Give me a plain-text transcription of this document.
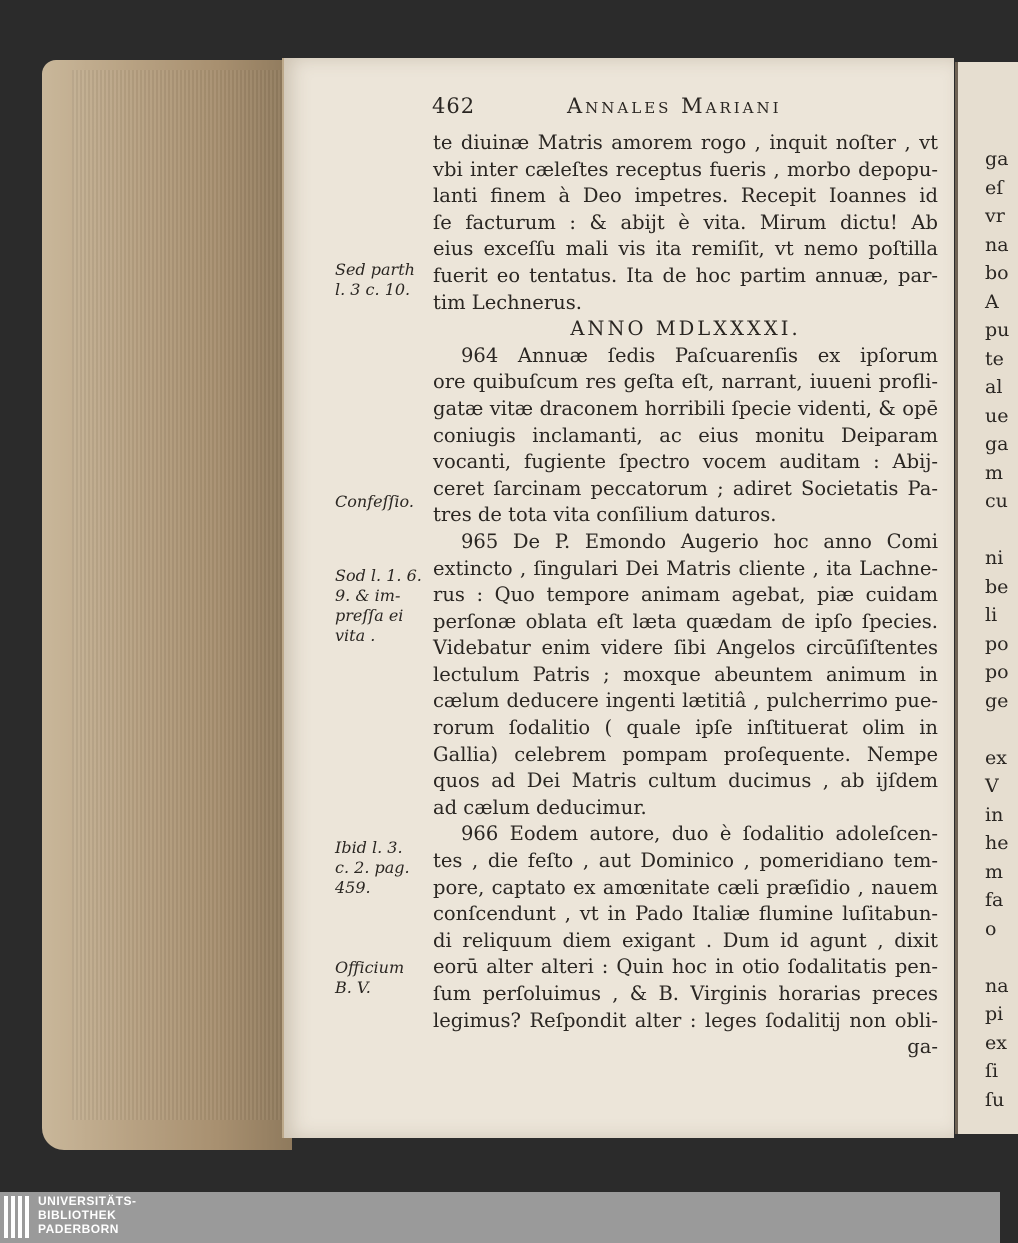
ga
eſ
vr
na
bo
A
pu
te
al
ue
ga
m
cu
ni
be
li
po
po
ge
ex
V
in
he
m
fa
o
na
pi
ex
ſi
ſu
462	Annales Mariani
te diuinæ Matris amorem rogo , inquit noſter , vt
vbi inter cæleſtes receptus fueris , morbo depopu-
lanti finem à Deo impetres. Recepit Ioannes id
ſe facturum : & abijt è vita. Mirum dictu! Ab
eius exceſſu mali vis ita remiſit, vt nemo poſtilla
fuerit eo tentatus. Ita de hoc partim annuæ, par-
tim Lechnerus.
ANNO MDLXXXXI.
964 Annuæ ſedis Paſcuarenſis ex ipſorum
ore quibuſcum res geſta eſt, narrant, iuueni profli-
gatæ vitæ draconem horribili ſpecie videnti, & opē
coniugis inclamanti, ac eius monitu Deiparam
vocanti, fugiente ſpectro vocem auditam : Abij-
ceret ſarcinam peccatorum ; adiret Societatis Pa-
tres de tota vita conſilium daturos.
965 De P. Emondo Augerio hoc anno Comi
extincto , ſingulari Dei Matris cliente , ita Lachne-
rus : Quo tempore animam agebat, piæ cuidam
perſonæ oblata eſt læta quædam de ipſo ſpecies.
Videbatur enim videre ſibi Angelos circūſiſtentes
lectulum Patris ; moxque abeuntem animum in
cælum deducere ingenti lætitiâ , pulcherrimo pue-
rorum ſodalitio ( quale ipſe inſtituerat olim in
Gallia) celebrem pompam proſequente. Nempe
quos ad Dei Matris cultum ducimus , ab ijſdem
ad cælum deducimur.
966 Eodem autore, duo è ſodalitio adoleſcen-
tes , die feſto , aut Dominico , pomeridiano tem-
pore, captato ex amœnitate cæli præſidio , nauem
conſcendunt , vt in Pado Italiæ flumine luſitabun-
di reliquum diem exigant . Dum id agunt , dixit
eorū alter alteri : Quin hoc in otio ſodalitatis pen-
ſum perſoluimus , & B. Virginis horarias preces
legimus? Reſpondit alter : leges ſodalitij non obli-
ga-
Sed parth
l. 3 c. 10.
Confeſſio.
Sod l. 1. 6.
9. & im-
preſſa ei
vita .
Ibid l. 3.
c. 2. pag.
459.
Officium
B. V.
UNIVERSITÄTS-
BIBLIOTHEK
PADERBORN
